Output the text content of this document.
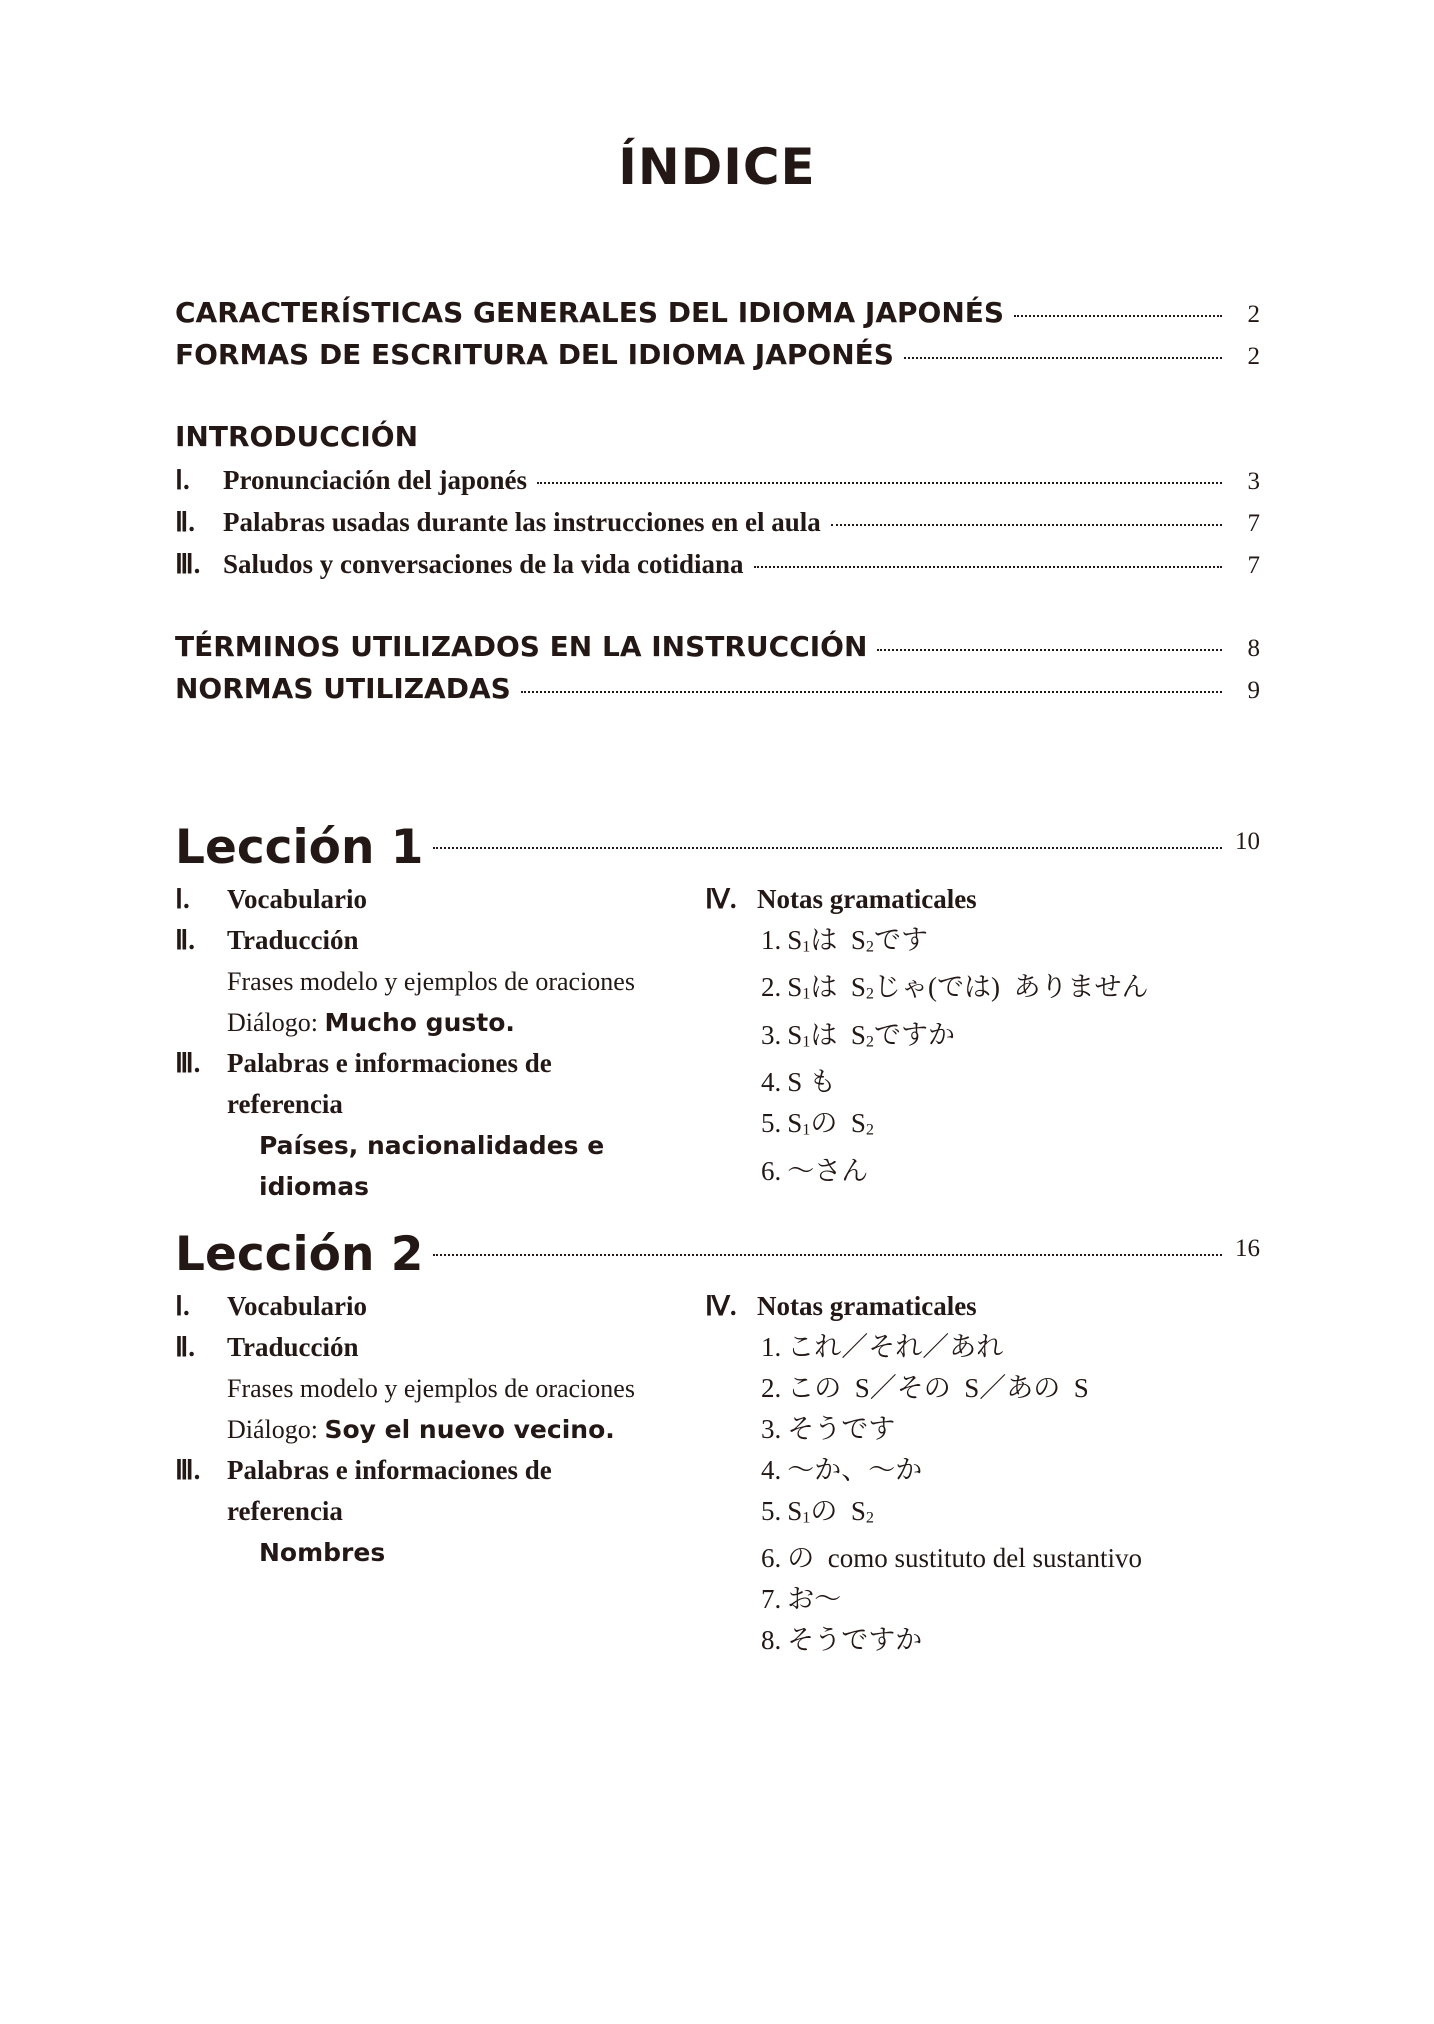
ÍNDICE
CARACTERÍSTICAS GENERALES DEL IDIOMA JAPONÉS	2
FORMAS DE ESCRITURA DEL IDIOMA JAPONÉS	2
INTRODUCCIÓN
Ⅰ. Pronunciación del japonés	3
Ⅱ. Palabras usadas durante las instrucciones en el aula	7
Ⅲ. Saludos y conversaciones de la vida cotidiana	7
TÉRMINOS UTILIZADOS EN LA INSTRUCCIÓN	8
NORMAS UTILIZADAS	9
Lección 1	10
Ⅰ. Vocabulario
Ⅱ. Traducción
Frases modelo y ejemplos de oraciones
Diálogo: Mucho gusto.
Ⅲ. Palabras e informaciones de
referencia
Países, nacionalidades e
idiomas
Ⅳ. Notas gramaticales
1. $S_1$は  $S_2$です
2. $S_1$は  $S_2$じゃ(では)  ありません
3. $S_1$は  $S_2$ですか
4. S も
5. $S_1$の  $S_2$
6. ～さん
Lección 2	16
Ⅰ. Vocabulario
Ⅱ. Traducción
Frases modelo y ejemplos de oraciones
Diálogo: Soy el nuevo vecino.
Ⅲ. Palabras e informaciones de
referencia
Nombres
Ⅳ. Notas gramaticales
1. これ／それ／あれ
2. この  S／その  S／あの  S
3. そうです
4. ～か、～か
5. $S_1$の  $S_2$
6. の  como sustituto del sustantivo
7. お～
8. そうですか
